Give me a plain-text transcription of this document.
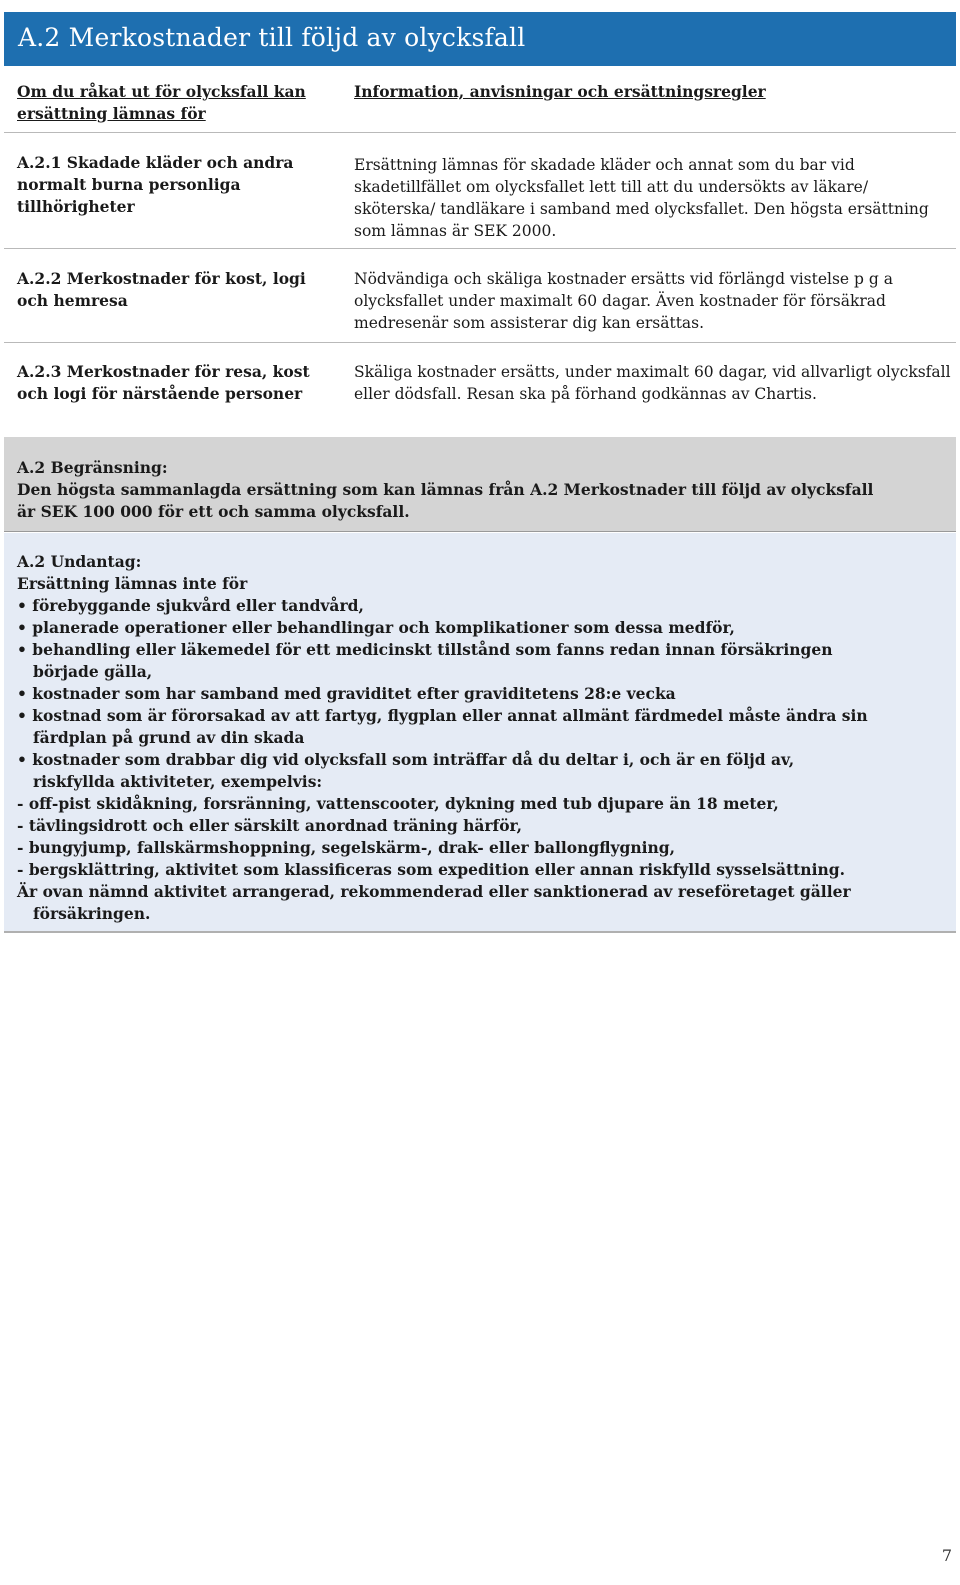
A.2 Merkostnader till följd av olycksfall
Om du råkat ut för olycksfall kan ersättning lämnas för
Information, anvisningar och ersättningsregler
A.2.1 Skadade kläder och andra normalt burna personliga tillhörigheter
Ersättning lämnas för skadade kläder och annat som du bar vid skadetillfället om olycksfallet lett till att du undersökts av läkare/ sköterska/ tandläkare i samband med olycksfallet. Den högsta ersättning som lämnas är SEK 2000.
A.2.2 Merkostnader för kost, logi och hemresa
Nödvändiga och skäliga kostnader ersätts vid förlängd vistelse p g a olycksfallet under maximalt 60 dagar. Även kostnader för försäkrad medresenär som assisterar dig kan ersättas.
A.2.3 Merkostnader för resa, kost och logi för närstående personer
Skäliga kostnader ersätts, under maximalt 60 dagar, vid allvarligt olycksfall eller dödsfall. Resan ska på förhand godkännas av Chartis.
A.2 Begränsning:
Den högsta sammanlagda ersättning som kan lämnas från A.2 Merkostnader till följd av olycksfall
är SEK 100 000 för ett och samma olycksfall.
A.2 Undantag:
Ersättning lämnas inte för
• förebyggande sjukvård eller tandvård,
• planerade operationer eller behandlingar och komplikationer som dessa medför,
• behandling eller läkemedel för ett medicinskt tillstånd som fanns redan innan försäkringen
började gälla,
• kostnader som har samband med graviditet efter graviditetens 28:e vecka
• kostnad som är förorsakad av att fartyg, flygplan eller annat allmänt färdmedel måste ändra sin
färdplan på grund av din skada
• kostnader som drabbar dig vid olycksfall som inträffar då du deltar i, och är en följd av,
riskfyllda aktiviteter, exempelvis:
- off-pist skidåkning, forsränning, vattenscooter, dykning med tub djupare än 18 meter,
- tävlingsidrott och eller särskilt anordnad träning härför,
- bungyjump, fallskärmshoppning, segelskärm-, drak- eller ballongflygning,
- bergsklättring, aktivitet som klassificeras som expedition eller annan riskfylld sysselsättning.
Är ovan nämnd aktivitet arrangerad, rekommenderad eller sanktionerad av reseföretaget gäller
försäkringen.
7
